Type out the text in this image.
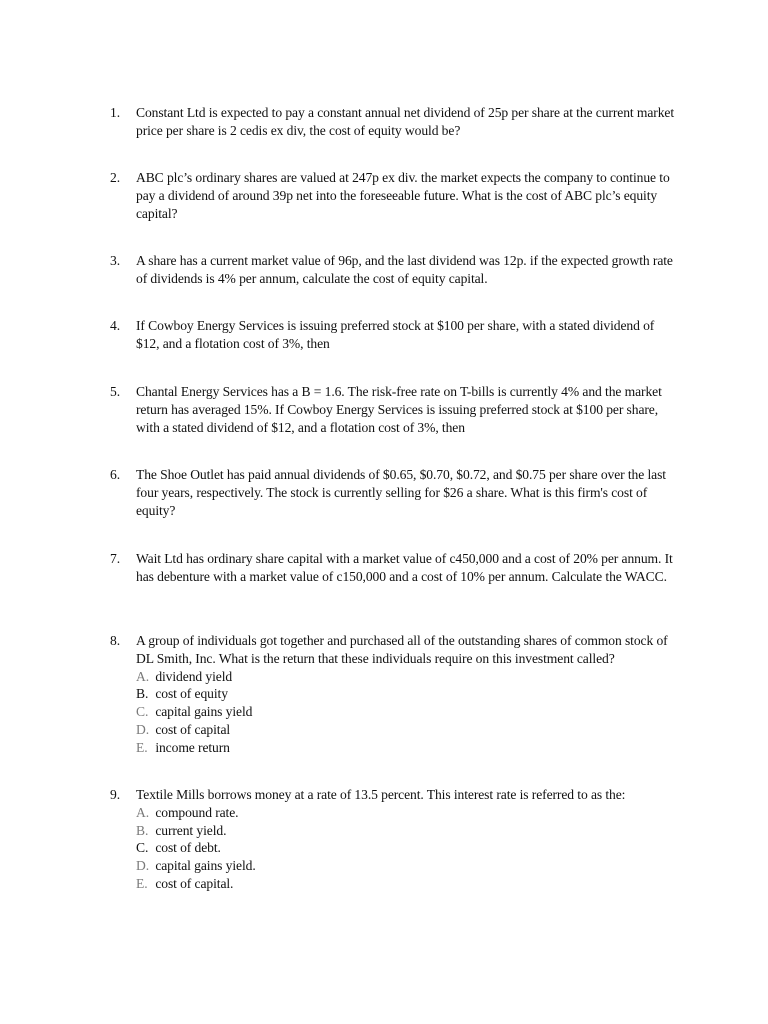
1.	Constant Ltd is expected to pay a constant annual net dividend of 25p per share at the current market price per share is 2 cedis ex div, the cost of equity would be?
2.	ABC plc’s ordinary shares are valued at 247p ex div. the market expects the company to continue to pay a dividend of around 39p net into the foreseeable future. What is the cost of ABC plc’s equity capital?
3.	A share has a current market value of 96p, and the last dividend was 12p. if the expected growth rate of dividends is 4% per annum, calculate the cost of equity capital.
4.	If Cowboy Energy Services is issuing preferred stock at $100 per share, with a stated dividend of $12, and a flotation cost of 3%, then
5.	Chantal Energy Services has a B = 1.6. The risk-free rate on T-bills is currently 4% and the market return has averaged 15%. If Cowboy Energy Services is issuing preferred stock at $100 per share, with a stated dividend of $12, and a flotation cost of 3%, then
6.	The Shoe Outlet has paid annual dividends of $0.65, $0.70, $0.72, and $0.75 per share over the last four years, respectively. The stock is currently selling for $26 a share. What is this firm's cost of equity?
7.	Wait Ltd has ordinary share capital with a market value of c450,000 and a cost of 20% per annum. It has debenture with a market value of c150,000 and a cost of 10% per annum. Calculate the WACC.
8.	A group of individuals got together and purchased all of the outstanding shares of common stock of DL Smith, Inc. What is the return that these individuals require on this investment called?
A. dividend yield
B. cost of equity
C. capital gains yield
D. cost of capital
E. income return
9.	Textile Mills borrows money at a rate of 13.5 percent. This interest rate is referred to as the:
A. compound rate.
B. current yield.
C. cost of debt.
D. capital gains yield.
E. cost of capital.
